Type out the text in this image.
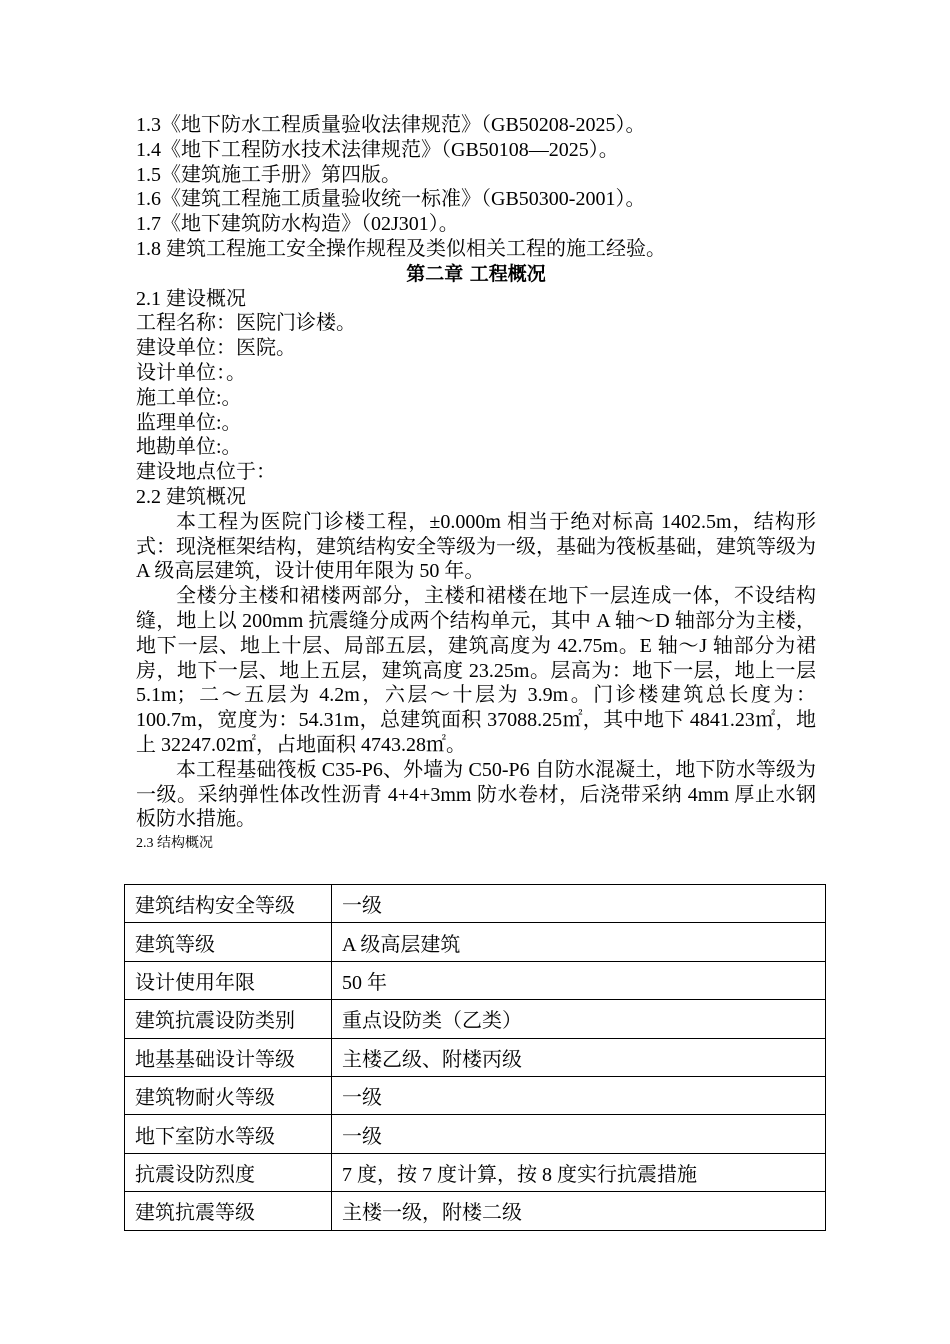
1.3《地下防水工程质量验收法律规范》（GB50208-2025）。
1.4《地下工程防水技术法律规范》（GB50108—2025）。
1.5《建筑施工手册》第四版。
1.6《建筑工程施工质量验收统一标准》（GB50300-2001）。
1.7《地下建筑防水构造》（02J301）。
1.8 建筑工程施工安全操作规程及类似相关工程的施工经验。
第二章 工程概况
2.1 建设概况
工程名称：医院门诊楼。
建设单位：医院。
设计单位：。
施工单位:。
监理单位:。
地勘单位:。
建设地点位于：
2.2 建筑概况

本工程为医院门诊楼工程，±0.000m 相当于绝对标高 1402.5m，结构形式：现浇框架结构，建筑结构安全等级为一级，基础为筏板基础，建筑等级为 A 级高层建筑，设计使用年限为 50 年。

全楼分主楼和裙楼两部分，主楼和裙楼在地下一层连成一体，不设结构缝，地上以 200mm 抗震缝分成两个结构单元，其中 A 轴～D 轴部分为主楼，地下一层、地上十层、局部五层，建筑高度为 42.75m。E 轴～J 轴部分为裙房，地下一层、地上五层，建筑高度 23.25m。层高为：地下一层，地上一层 5.1m；二～五层为 4.2m，六层～十层为 3.9m。门诊楼建筑总长度为：100.7m，宽度为：54.31m，总建筑面积 37088.25㎡，其中地下 4841.23㎡，地上 32247.02㎡，占地面积 4743.28㎡。

本工程基础筏板 C35-P6、外墙为 C50-P6 自防水混凝土，地下防水等级为一级。采纳弹性体改性沥青 4+4+3mm 防水卷材，后浇带采纳 4mm 厚止水钢板防水措施。

2.3 结构概况
建筑结构安全等级	一级
建筑等级	A 级高层建筑
设计使用年限	50 年
建筑抗震设防类别	重点设防类（乙类）
地基基础设计等级	主楼乙级、附楼丙级
建筑物耐火等级	一级
地下室防水等级	一级
抗震设防烈度	7 度，按 7 度计算，按 8 度实行抗震措施
建筑抗震等级	主楼一级，附楼二级
